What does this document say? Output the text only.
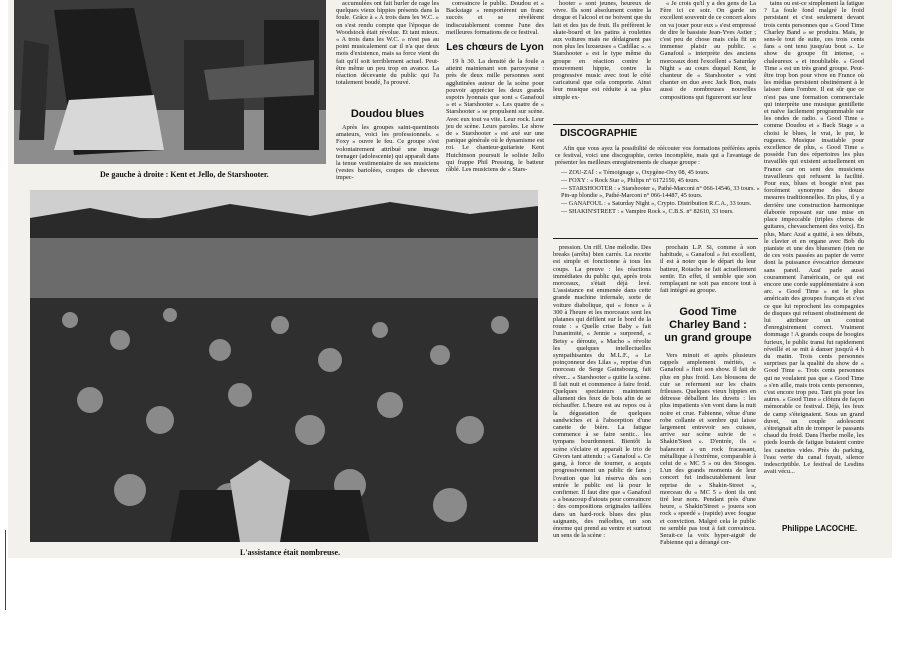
De gauche à droite : Kent et Jello, de Starshooter.

accumulées ont fait hurler de rage les quelques vieux hippies présents dans la foule. Grâce à « A trois dans les W.C. » on s'est rendu compte que l'époque de Woodstock était révolue. Et tant mieux. « A trois dans les W.C. » n'est pas au point musicalement car il n'a que deux mois d'existence, mais sa force vient du fait qu'il soit terriblement actuel. Peut-être même un peu trop en avance. La réaction décevante du public qui l'a totalement boudé, l'a prouvé.

Doudou blues

Après les groupes saint-quentinois amateurs, voici les professionnels. « Foxy » ouvre le feu. Ce groupe s'est volontairement attribué une image teenager (adolescente) qui apparaît dans la tenue vestimentaire de ses musiciens (vestes bariolées, coupes de cheveux impec-

convaincre le public. Doudou et « Backstage » remportèrent un franc succès et se révélèrent indiscutablement comme l'une des meilleures formations de ce festival.

Les chœurs de Lyon

19 h 30. La densité de la foule a atteint maintenant son paroxysme : près de deux mille personnes sont agglutinées autour de la scène pour pouvoir apprécier les deux grands espoirs lyonnais que sont « Ganafoul » et « Starshooter ». Les quatre de « Starshooter » se propulsent sur scène. Avec eux tout va vite. Leur rock. Leur jeu de scène. Leurs paroles. Le show de « Starshooter » est axé sur une panique générale où le dynamisme est roi. Le chanteur-guitariste Kent Hutchinson poursuit le soliste Jello qui frappe Phil Pressing, le batteur râblé. Les musiciens de « Stars-

hooter » sont jeunes, heureux de vivre. Ils sont absolument contre la drogue et l'alcool et ne boivent que du lait et des jus de fruit. Ils préfèrent le skate-board et les patins à roulettes aux voitures mais ne dédaignent pas non plus les luxueuses « Cadillac ». « Starshooter » est le type même du groupe en réaction contre le mouvement hippie, contre la progressive music avec tout le côté caricatural que cela comporte. Ainsi leur musique est réduite à sa plus simple ex-

« Je crois qu'il y a des gens de La Fère ici ce soir. On garde un excellent souvenir de ce concert alors on va jouer pour eux » s'est empressé de dire le bassiste Jean-Yves Astier ; c'est peu de chose mais cela fit un immense plaisir au public. « Ganafoul » interprète des anciens morceaux dont l'excellent « Saturday Night » au cours duquel Kent, le chanteur de « Starshooter » vint chanter en duo avec Jack Bon, mais aussi de nombreuses nouvelles compositions qui figureront sur leur

DISCOGRAPHIE

Afin que vous ayez la possibilité de réécouter vos formations préférées après ce festival, voici une discographie, certes incomplète, mais qui a l'avantage de présenter les meilleurs enregistrements de chaque groupe :

— ZOU-ZAÏ : « Témoignage », Oxygène-Oxy 08, 45 tours.
— FOXY : « Rock Star », Philips n° 6172150, 45 tours.
— STARSHOOTER : « Starshooter », Pathé-Marconi n° 066-14546, 33 tours. « Pin-up blondie », Pathé-Marconi n° 066-14487, 45 tours.
— GANAFOUL : « Saturday Night », Crypto. Distribution R.C.A., 33 tours.
— SHAKIN'STREET : « Vampire Rock », C.B.S. n° 82610, 33 tours.
L'assistance était nombreuse.

pression. Un riff. Une mélodie. Des breaks (arrêts) bien carrés. La recette est simple et fonctionne à tous les coups. La preuve : les réactions immédiates du public qui, après trois morceaux, s'était déjà levé. L'assistance est emmenée dans cette grande machine infernale, sorte de voiture diabolique, qui « fonce » à 300 à l'heure et les morceaux sont les platanes qui défilent sur le bord de la route : « Quelle crise Baby » fait l'unanimité, « Jennie » surprend, « Betsy » déroute, « Macho » révolte les quelques intellectuelles sympathisantes du M.L.F., « Le poinçonneur des Lilas », reprise d'un morceau de Serge Gainsbourg, fait rêver... « Starshooter » quitte la scène. Il fait nuit et commence à faire froid. Quelques spectateurs maintenant allument des feux de bois afin de se réchauffer. L'heure est au repos ou à la dégustation de quelques sandwiches et à l'absorption d'une canette de bière. La fatigue commence à se faire sentir... les tympans bourdonnent. Bientôt la scène s'éclaire et apparaît le trio de Givors tant attendu : « Ganafoul ». Ce gang, à force de tourner, a acquis progressivement un public de fans ; l'ovation que lui réserva dès son entrée le public est là pour le confirmer. Il faut dire que « Ganafoul » a beaucoup d'atouts pour convaincre : des compositions originales taillées dans un hard-rock blues des plus saignants, des mélodies, un son énorme qui prend au ventre et surtout un sens de la scène :

prochain L.P. Si, comme à son habitude, « Ganafoul » fut excellent, il est à noter que le départ du leur batteur, Rotache ne fait actuellement sentir. En effet, il semble que son remplaçant ne soit pas encore tout à fait intégré au groupe.

Good Time
Charley Band :
un grand groupe

Vers minuit et après plusieurs rappels amplement mérités, « Ganafoul » finit son show. Il fait de plus en plus froid. Les blousons de cuir se referment sur les chairs frileuses. Quelques vieux hippies en détresse déballent les duvets : les plus impatients s'en vont dans la nuit noire et crue. Fabienne, vêtue d'une robe collante et sombre qui laisse largement entrevoir ses cuisses, arrive sur scène suivie de « Shakin'Steet ». D'entrée, ils « balancent » un rock fracassant, métallique à l'extrême, comparable à celui de « MC 5 » ou des Stooges. L'un des grands moments de leur concert fut indiscutablement leur reprise de « Shakin-Street », morceau du « MC 5 » dont ils ont tiré leur nom. Pendant près d'une heure, « Shakin'Street » jouera son rock « speedé » (rapide) avec fougue et conviction. Malgré cela le public ne semble pas tout à fait convaincu. Serait-ce la voix hyper-aiguë de Fabienne qui a dérangé cer-

tains ou est-ce simplement la fatigue ? La foule fond malgré le froid persistant et c'est seulement devant trois cents personnes que « Good Time Charley Band » se produira. Mais, je sens-le tout de suite, ces trois cents fans « ont tenu jusqu'au bout ». Le show du groupe fit intense, « chaleureux » et inoubliable. « Good Time » est un très grand groupe. Peut-être trop bon pour vivre en France où les médias persistent obstinément à le laisser dans l'ombre. Il est sûr que ce n'est pas une formation commerciale qui interprète une musique gentillette et naïve facilement programmable sur les ondes de radio. « Good Time » comme Doudou et « Back Stage » a choisi le blues, le vrai, le pur, le rugueux. Musique insatiable pour excellence de plus, « Good Time » possède l'un des répertoires les plus travaillés qui existent actuellement en France car on sent des musiciens travailleurs qui refusent la facilité. Pour eux, blues et boogie n'est pas forcément synonyme des douze mesures traditionnelles. En plus, il y a derrière une construction harmonique élaborée reposant sur une mise en place impeccable (triples chorus de guitares, chevauchement des voix). En plus, Marc Azaï a quitté, à ses débuts, le clavier et en organe avec Bob du pianiste et une des bluesmen (rien ne de ces voix passées au papier de verre dont la puissance évocatrice demeure sans pareil. Azaï parle aussi couramment l'américain, ce qui est encore une corde supplémentaire à son arc. « Good Time » est le plus américain des groupes français et c'est ce que lui reprochent les compagnies de disques qui refusent obstinément de lui attribuer un contrat d'enregistrement correct. Vraiment dommage ! A grands coups de boogies furieux, le public transi fut rapidement réveillé et se mit à danser jusqu'à 4 h du matin. Trois cents personnes surprises par la qualité du show de « Good Time ». Trois cents personnes qui ne voulaient pas que « Good Time » s'en aille, mais trois cents personnes, c'est encore trop peu. Tant pis pour les autres. « Good Time » clôtura de façon mémorable ce festival. Déjà, les feux de camp s'éteignaient. Sous un grand duvet, un couple adolescent s'étreignait afin de tromper le passants chaud du froid. Dans l'herbe molle, les pieds lourds de fatigue butaient contre les canettes vides. Près du parking, l'eau verte du canal fuyait, silence indescriptible. Le festival de Lesdins avait vécu...

Philippe LACOCHE.
